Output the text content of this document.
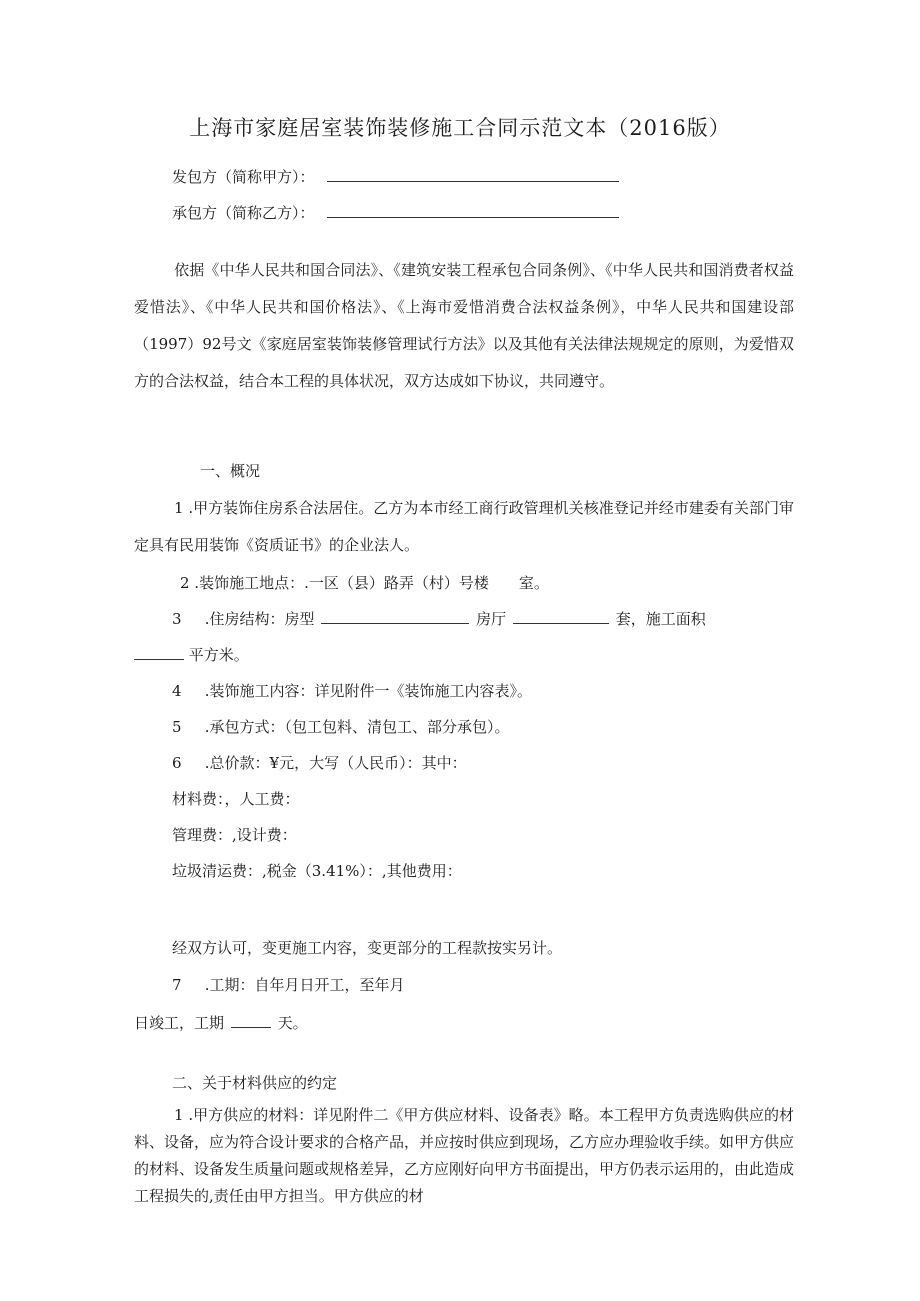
上海市家庭居室装饰装修施工合同示范文本（2016版）
发包方（简称甲方）：
承包方（简称乙方）：
依据《中华人民共和国合同法》、《建筑安装工程承包合同条例》、《中华人民共和国消费者权益爱惜法》、《中华人民共和国价格法》、《上海市爱惜消费合法权益条例》，中华人民共和国建设部（1997）92号文《家庭居室装饰装修管理试行方法》以及其他有关法律法规规定的原则，为爱惜双方的合法权益，结合本工程的具体状况，双方达成如下协议，共同遵守。
一、概况
1 .甲方装饰住房系合法居住。乙方为本市经工商行政管理机关核准登记并经市建委有关部门审定具有民用装饰《资质证书》的企业法人。
2 .装饰施工地点：.一区（县）路弄（村）号楼　　室。
3 .住房结构：房型	房厅	套，施工面积
平方米。
4 .装饰施工内容：详见附件一《装饰施工内容表》。
5 .承包方式：（包工包料、清包工、部分承包）。
6 .总价款：¥元，大写（人民币）：其中：
材料费：，人工费：
管理费：,设计费：
垃圾清运费：,税金（3.41%）：,其他费用：
经双方认可，变更施工内容，变更部分的工程款按实另计。
7 .工期：自年月日开工，至年月
日竣工，工期	天。
二、关于材料供应的约定
1 .甲方供应的材料：详见附件二《甲方供应材料、设备表》略。本工程甲方负责选购供应的材料、设备，应为符合设计要求的合格产品，并应按时供应到现场，乙方应办理验收手续。如甲方供应的材料、设备发生质量问题或规格差异，乙方应刚好向甲方书面提出，甲方仍表示运用的，由此造成工程损失的,责任由甲方担当。甲方供应的材
